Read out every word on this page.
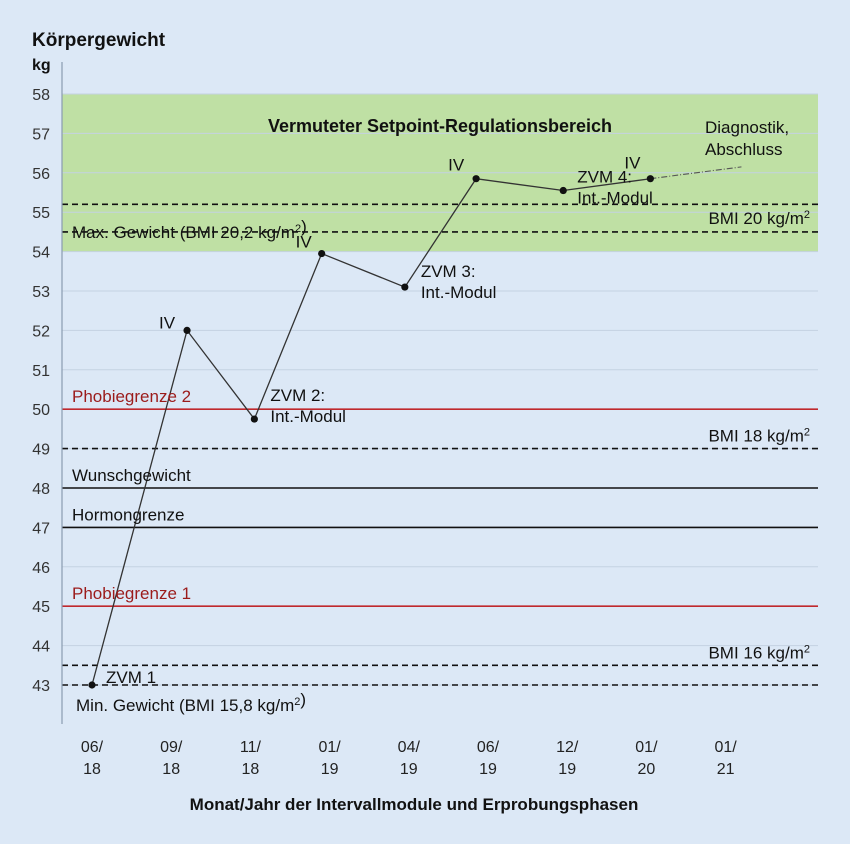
43
44
45
46
47
48
49
50
51
52
53
54
55
56
57
58
06/
18
09/
18
11/
18
01/
19
04/
19
06/
19
12/
19
01/
20
01/
21
Vermuteter Setpoint-Regulationsbereich
Max. Gewicht (BMI 20,2 $kg/m^2$)	BMI 20 $kg/m^2$
Phobiegrenze 2
BMI 18 $kg/m^2$
Wunschgewicht
Hormongrenze
Phobiegrenze 1
BMI 16 $kg/m^2$
Min. Gewicht (BMI 15,8 $kg/m^2$)
ZVM 1
IV
ZVM 2:
Int.-Modul
IV
ZVM 3:
Int.-Modul
IV
ZVM 4:
Int.-Modul
IV
Diagnostik,
Abschluss
Körpergewicht
kg
Monat/Jahr der Intervallmodule und Erprobungsphasen
